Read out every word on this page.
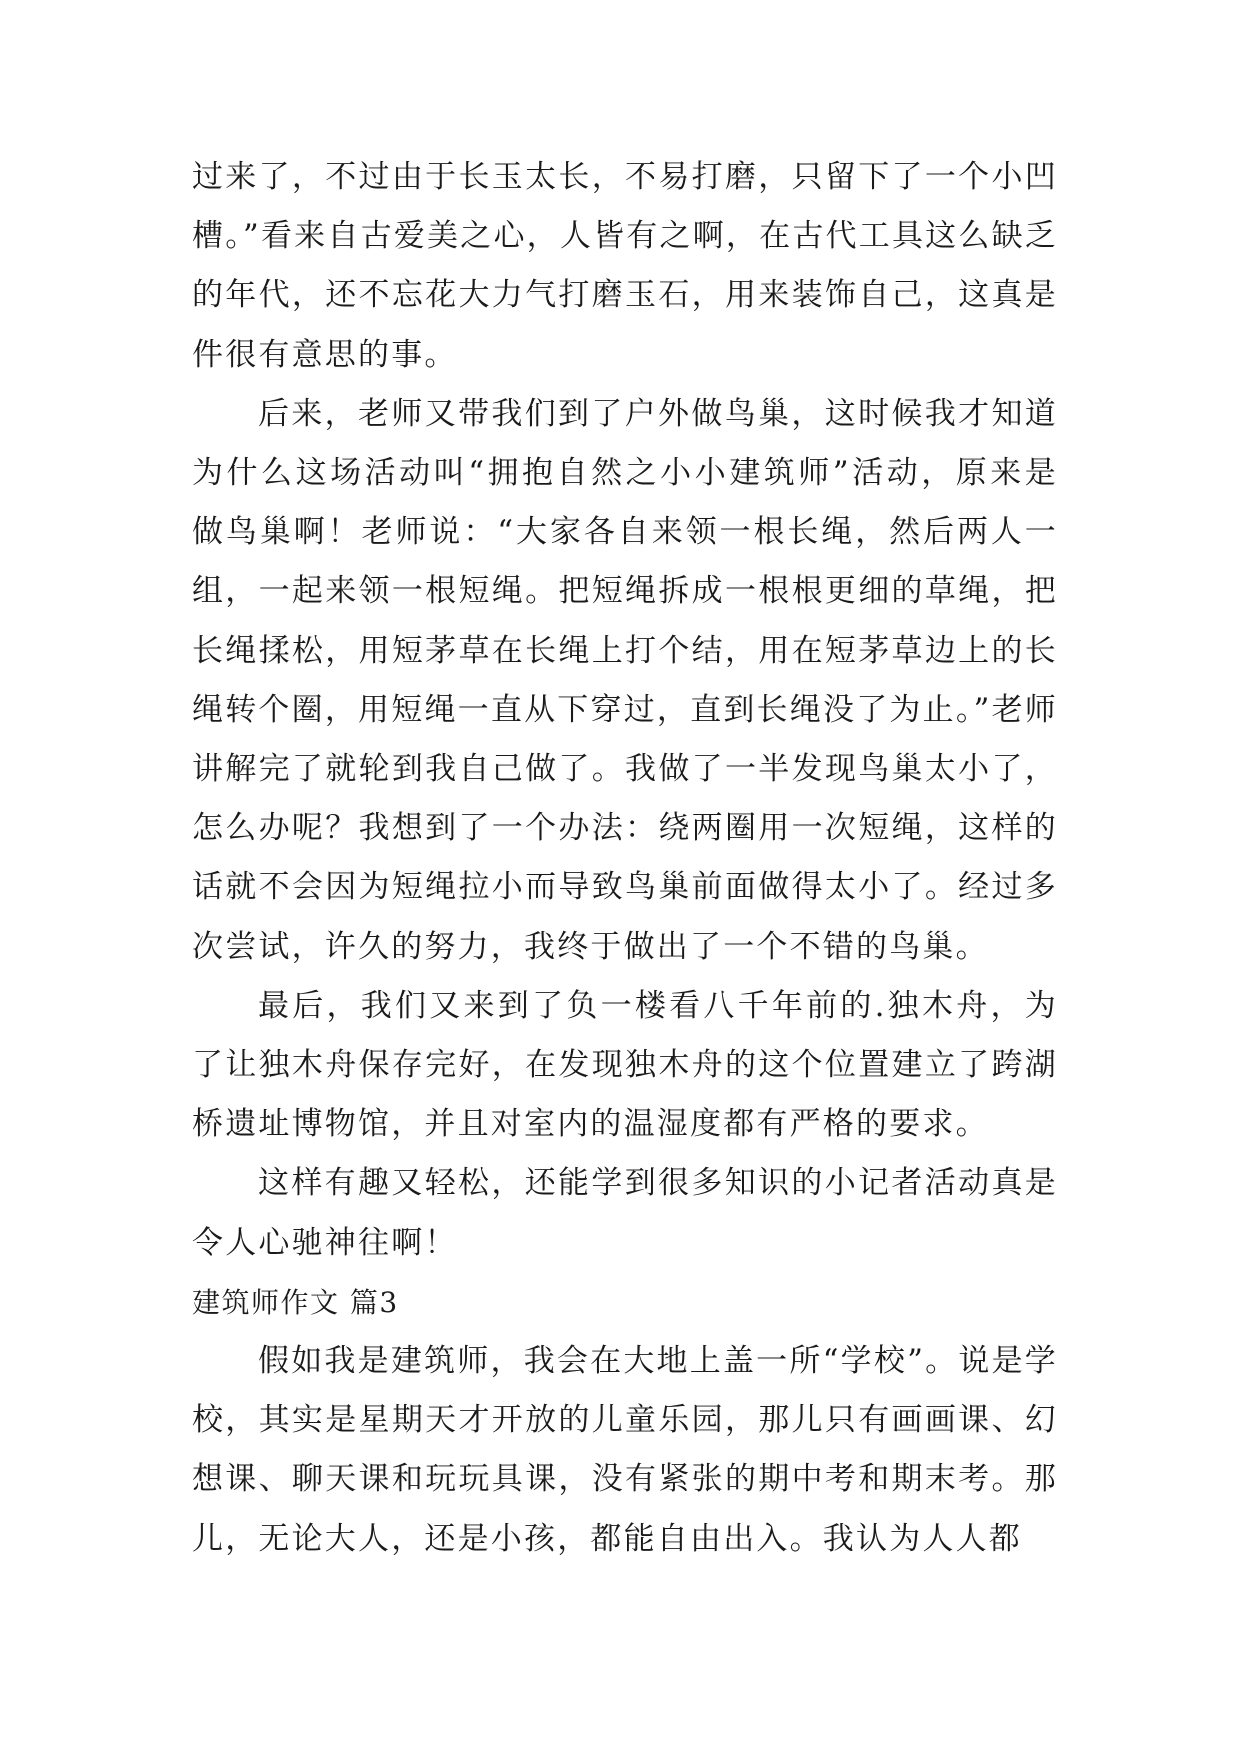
过来了，不过由于长玉太长，不易打磨，只留下了一个小凹槽。”看来自古爱美之心，人皆有之啊，在古代工具这么缺乏的年代，还不忘花大力气打磨玉石，用来装饰自己，这真是件很有意思的事。

后来，老师又带我们到了户外做鸟巢，这时候我才知道为什么这场活动叫“拥抱自然之小小建筑师”活动，原来是做鸟巢啊！老师说：“大家各自来领一根长绳，然后两人一组，一起来领一根短绳。把短绳拆成一根根更细的草绳，把长绳揉松，用短茅草在长绳上打个结，用在短茅草边上的长绳转个圈，用短绳一直从下穿过，直到长绳没了为止。”老师讲解完了就轮到我自己做了。我做了一半发现鸟巢太小了，怎么办呢？我想到了一个办法：绕两圈用一次短绳，这样的话就不会因为短绳拉小而导致鸟巢前面做得太小了。经过多次尝试，许久的努力，我终于做出了一个不错的鸟巢。

最后，我们又来到了负一楼看八千年前的.独木舟，为了让独木舟保存完好，在发现独木舟的这个位置建立了跨湖桥遗址博物馆，并且对室内的温湿度都有严格的要求。

这样有趣又轻松，还能学到很多知识的小记者活动真是令人心驰神往啊！

建筑师作文 篇3

假如我是建筑师，我会在大地上盖一所“学校”。说是学校，其实是星期天才开放的儿童乐园，那儿只有画画课、幻想课、聊天课和玩玩具课，没有紧张的期中考和期末考。那儿，无论大人，还是小孩，都能自由出入。我认为人人都
